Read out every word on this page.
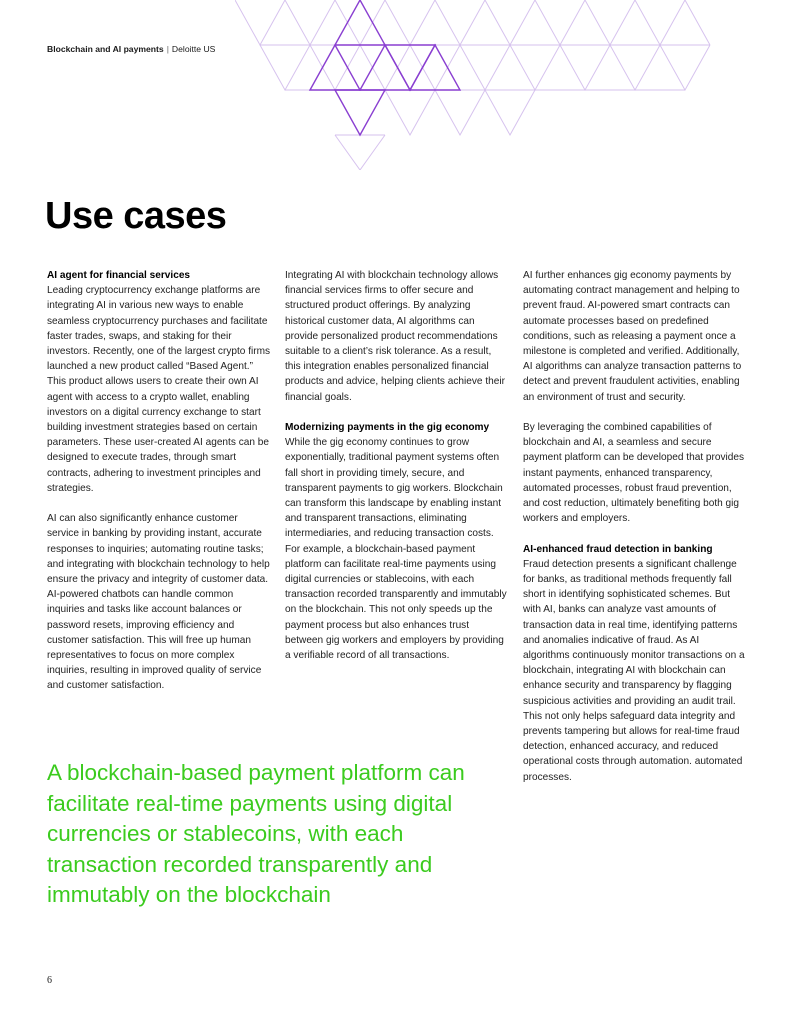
Blockchain and AI payments | Deloitte US
Use cases
AI agent for financial services

Leading cryptocurrency exchange platforms are integrating AI in various new ways to enable seamless cryptocurrency purchases and facilitate faster trades, swaps, and staking for their investors. Recently, one of the largest crypto firms launched a new product called “Based Agent.” This product allows users to create their own AI agent with access to a crypto wallet, enabling investors on a digital currency exchange to start building investment strategies based on certain parameters. These user-created AI agents can be designed to execute trades, through smart contracts, adhering to investment principles and strategies.

AI can also significantly enhance customer service in banking by providing instant, accurate responses to inquiries; automating routine tasks; and integrating with blockchain technology to help ensure the privacy and integrity of customer data. AI-powered chatbots can handle common inquiries and tasks like account balances or password resets, improving efficiency and customer satisfaction. This will free up human representatives to focus on more complex inquiries, resulting in improved quality of service and customer satisfaction.

Integrating AI with blockchain technology allows financial services firms to offer secure and structured product offerings. By analyzing historical customer data, AI algorithms can provide personalized product recommendations suitable to a client’s risk tolerance. As a result, this integration enables personalized financial products and advice, helping clients achieve their financial goals.

Modernizing payments in the gig economy

While the gig economy continues to grow exponentially, traditional payment systems often fall short in providing timely, secure, and transparent payments to gig workers. Blockchain can transform this landscape by enabling instant and transparent transactions, eliminating intermediaries, and reducing transaction costs. For example, a blockchain-based payment platform can facilitate real-time payments using digital currencies or stablecoins, with each transaction recorded transparently and immutably on the blockchain. This not only speeds up the payment process but also enhances trust between gig workers and employers by providing a verifiable record of all transactions.

AI further enhances gig economy payments by automating contract management and helping to prevent fraud. AI-powered smart contracts can automate processes based on predefined conditions, such as releasing a payment once a milestone is completed and verified. Additionally, AI algorithms can analyze transaction patterns to detect and prevent fraudulent activities, enabling an environment of trust and security.

By leveraging the combined capabilities of blockchain and AI, a seamless and secure payment platform can be developed that provides instant payments, enhanced transparency, automated processes, robust fraud prevention, and cost reduction, ultimately benefiting both gig workers and employers.

AI-enhanced fraud detection in banking

Fraud detection presents a significant challenge for banks, as traditional methods frequently fall short in identifying sophisticated schemes. But with AI, banks can analyze vast amounts of transaction data in real time, identifying patterns and anomalies indicative of fraud. As AI algorithms continuously monitor transactions on a blockchain, integrating AI with blockchain can enhance security and transparency by flagging suspicious activities and providing an audit trail. This not only helps safeguard data integrity and prevents tampering but allows for real-time fraud detection, enhanced accuracy, and reduced operational costs through automation. automated processes.

A blockchain-based payment platform can facilitate real-time payments using digital currencies or stablecoins, with each transaction recorded transparently and immutably on the blockchain
6
